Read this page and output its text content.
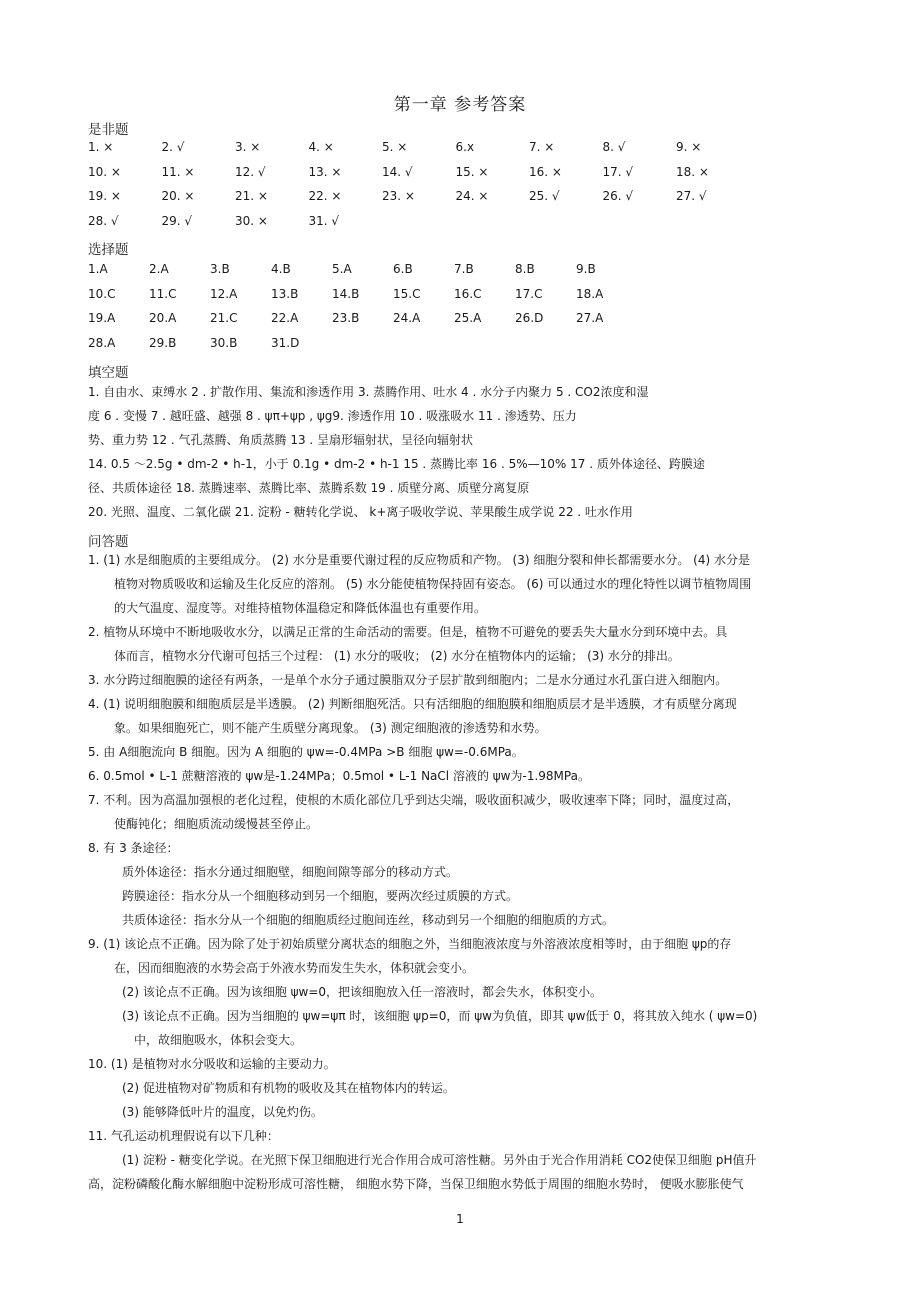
第一章 参考答案
是非题
1. ×	2. √	3. ×	4. ×	5. ×	6.x	7. ×	8. √	9. ×
10. ×	11. ×	12. √	13. ×	14. √	15. ×	16. ×	17. √	18. ×
19. ×	20. ×	21. ×	22. ×	23. ×	24. ×	25. √	26. √	27. √
28. √	29. √	30. ×	31. √
选择题
1.A	2.A	3.B	4.B	5.A	6.B	7.B	8.B	9.B
10.C	11.C	12.A	13.B	14.B	15.C	16.C	17.C	18.A
19.A	20.A	21.C	22.A	23.B	24.A	25.A	26.D	27.A
28.A	29.B	30.B	31.D
填空题

1. 自由水、束缚水 2 . 扩散作用、集流和渗透作用 3. 蒸腾作用、吐水 4 . 水分子内聚力 5 . CO2浓度和湿

度 6 . 变慢 7 . 越旺盛、越强 8 . ψπ+ψp , ψg9. 渗透作用 10 . 吸涨吸水 11 . 渗透势、压力

势、重力势 12 . 气孔蒸腾、角质蒸腾 13 . 呈扇形辐射状，呈径向辐射状

14. 0.5 ～2.5g • dm-2 • h-1，小于 0.1g • dm-2 • h-1 15 . 蒸腾比率 16 . 5%—10% 17 . 质外体途径、跨膜途

径、共质体途径 18. 蒸腾速率、蒸腾比率、蒸腾系数 19 . 质壁分离、质壁分离复原

20. 光照、温度、二氧化碳 21. 淀粉 - 糖转化学说、 k+离子吸收学说、苹果酸生成学说 22 . 吐水作用

问答题

1. (1) 水是细胞质的主要组成分。 (2) 水分是重要代谢过程的反应物质和产物。 (3) 细胞分裂和伸长都需要水分。 (4) 水分是

植物对物质吸收和运输及生化反应的溶剂。 (5) 水分能使植物保持固有姿态。 (6) 可以通过水的理化特性以调节植物周围

的大气温度、湿度等。对维持植物体温稳定和降低体温也有重要作用。

2. 植物从环境中不断地吸收水分，以满足正常的生命活动的需要。但是，植物不可避免的要丢失大量水分到环境中去。具

体而言，植物水分代谢可包括三个过程： (1) 水分的吸收； (2) 水分在植物体内的运输； (3) 水分的排出。

3. 水分跨过细胞膜的途径有两条，一是单个水分子通过膜脂双分子层扩散到细胞内；二是水分通过水孔蛋白进入细胞内。

4. (1) 说明细胞膜和细胞质层是半透膜。 (2) 判断细胞死活。只有活细胞的细胞膜和细胞质层才是半透膜，才有质壁分离现

象。如果细胞死亡，则不能产生质壁分离现象。 (3) 测定细胞液的渗透势和水势。

5. 由 A细胞流向 B 细胞。因为 A 细胞的 ψw=-0.4MPa >B 细胞 ψw=-0.6MPa。

6. 0.5mol • L-1 蔗糖溶液的 ψw是-1.24MPa；0.5mol • L-1 NaCl 溶液的 ψw为-1.98MPa。

7. 不利。因为高温加强根的老化过程，使根的木质化部位几乎到达尖端，吸收面积减少，吸收速率下降；同时，温度过高，

使酶钝化；细胞质流动缓慢甚至停止。

8. 有 3 条途径：

质外体途径：指水分通过细胞壁，细胞间隙等部分的移动方式。

跨膜途径：指水分从一个细胞移动到另一个细胞，要两次经过质膜的方式。

共质体途径：指水分从一个细胞的细胞质经过胞间连丝，移动到另一个细胞的细胞质的方式。

9. (1) 该论点不正确。因为除了处于初始质壁分离状态的细胞之外，当细胞液浓度与外溶液浓度相等时，由于细胞 ψp的存

在，因而细胞液的水势会高于外液水势而发生失水，体积就会变小。

(2) 该论点不正确。因为该细胞 ψw=0，把该细胞放入任一溶液时，都会失水，体积变小。

(3) 该论点不正确。因为当细胞的 ψw=ψπ 时，该细胞 ψp=0，而 ψw为负值，即其 ψw低于 0，将其放入纯水 ( ψw=0)

中，故细胞吸水，体积会变大。

10. (1) 是植物对水分吸收和运输的主要动力。

(2) 促进植物对矿物质和有机物的吸收及其在植物体内的转运。

(3) 能够降低叶片的温度，以免灼伤。

11. 气孔运动机理假说有以下几种：

(1) 淀粉 - 糖变化学说。在光照下保卫细胞进行光合作用合成可溶性糖。另外由于光合作用消耗 CO2使保卫细胞 pH值升

高，淀粉磷酸化酶水解细胞中淀粉形成可溶性糖， 细胞水势下降，当保卫细胞水势低于周围的细胞水势时， 便吸水膨胀使气

1
